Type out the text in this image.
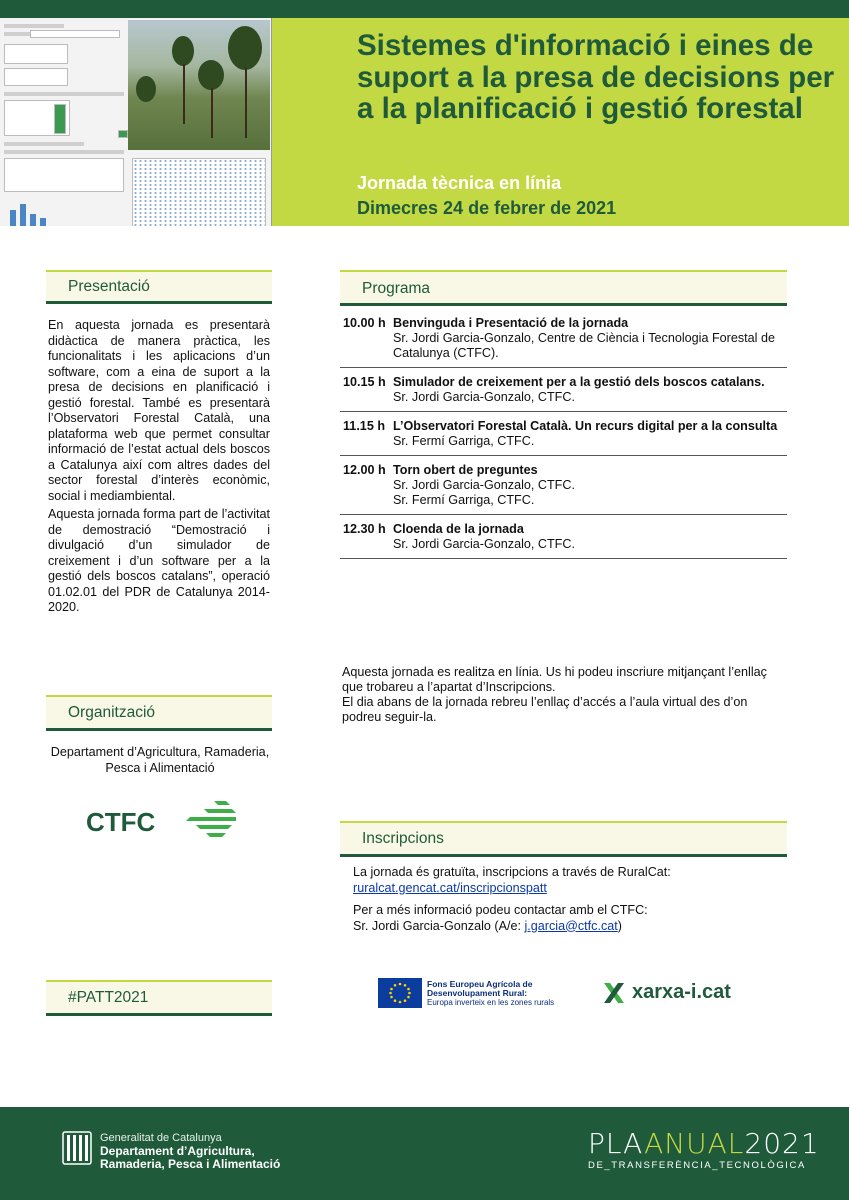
Sistemes d'informació i eines de suport a la presa de decisions per a la planificació i gestió forestal
Jornada tècnica en línia
Dimecres 24 de febrer de 2021
Presentació

En aquesta jornada es presentarà didàctica de manera pràctica, les funcionalitats i les aplicacions d’un software, com a eina de suport a la presa de decisions en planificació i gestió forestal. També es presentarà l’Observatori Forestal Català, una plataforma web que permet consultar informació de l’estat actual dels boscos a Catalunya així com altres dades del sector forestal d’interès econòmic, social i mediambiental.

Aquesta jornada forma part de l’activitat de demostració “Demostració i divulgació d’un simulador de creixement i d’un software per a la gestió dels boscos catalans”, operació 01.02.01 del PDR de Catalunya 2014-2020.

Programa
10.00 h Benvinguda i Presentació de la jornada
Sr. Jordi Garcia-Gonzalo, Centre de Ciència i Tecnologia Forestal de Catalunya (CTFC).
10.15 h Simulador de creixement per a la gestió dels boscos catalans.
Sr. Jordi Garcia-Gonzalo, CTFC.
11.15 h L’Observatori Forestal Català. Un recurs digital per a la consulta
Sr. Fermí Garriga, CTFC.
12.00 h Torn obert de preguntes
Sr. Jordi Garcia-Gonzalo, CTFC.
Sr. Fermí Garriga, CTFC.
12.30 h Cloenda de la jornada
Sr. Jordi Garcia-Gonzalo, CTFC.
Aquesta jornada es realitza en línia. Us hi podeu inscriure mitjançant l’enllaç que trobareu a l’apartat d’Inscripcions.
El dia abans de la jornada rebreu l’enllaç d’accés a l’aula virtual des d’on podreu seguir-la.
Organització
Departament d’Agricultura, Ramaderia, Pesca i Alimentació
CTFC
Inscripcions

La jornada és gratuïta, inscripcions a través de RuralCat:
ruralcat.gencat.cat/inscripcionspatt

Per a més informació podeu contactar amb el CTFC:
Sr. Jordi Garcia-Gonzalo (A/e: j.garcia@ctfc.cat)

#PATT2021
Fons Europeu Agrícola de Desenvolupament Rural:
Europa inverteix en les zones rurals	xarxa-i.cat
Generalitat de Catalunya
Departament d’Agricultura, Ramaderia, Pesca i Alimentació
PLAANUAL2021
DE_TRANSFERÈNCIA_TECNOLÒGICA
